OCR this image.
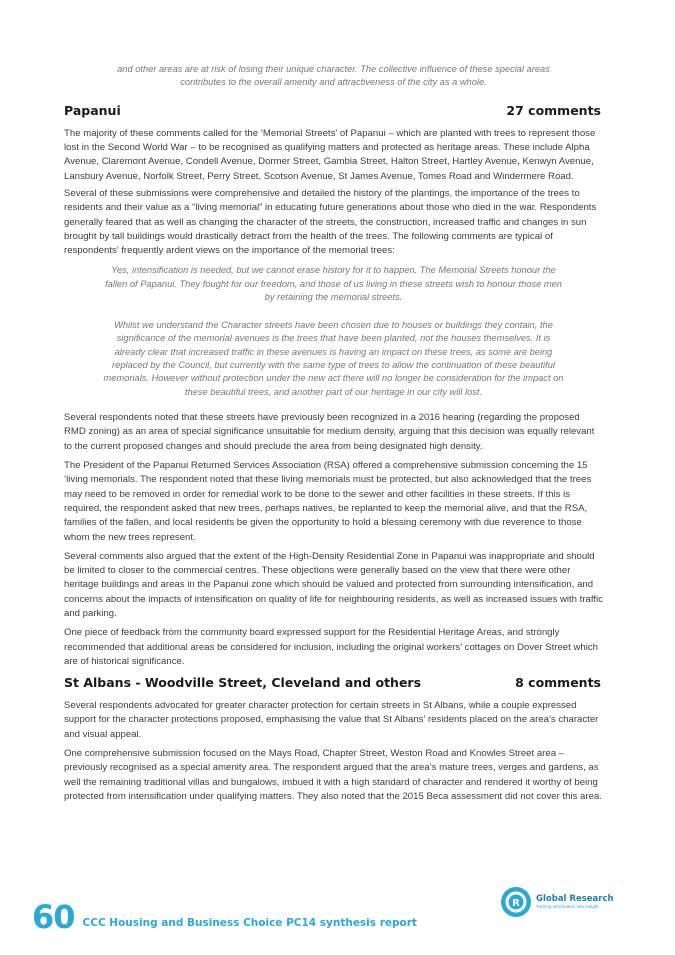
and other areas are at risk of losing their unique character. The collective influence of these special areas contributes to the overall amenity and attractiveness of the city as a whole.
Papanui	27 comments

The majority of these comments called for the ‘Memorial Streets’ of Papanui – which are planted with trees to represent those lost in the Second World War – to be recognised as qualifying matters and protected as heritage areas. These include Alpha Avenue, Claremont Avenue, Condell Avenue, Dormer Street, Gambia Street, Halton Street, Hartley Avenue, Kenwyn Avenue, Lansbury Avenue, Norfolk Street, Perry Street, Scotson Avenue, St James Avenue, Tomes Road and Windermere Road.

Several of these submissions were comprehensive and detailed the history of the plantings, the importance of the trees to residents and their value as a “living memorial” in educating future generations about those who died in the war. Respondents generally feared that as well as changing the character of the streets, the construction, increased traffic and changes in sun brought by tall buildings would drastically detract from the health of the trees. The following comments are typical of respondents’ frequently ardent views on the importance of the memorial trees:

Yes, intensification is needed, but we cannot erase history for it to happen. The Memorial Streets honour the fallen of Papanui. They fought for our freedom, and those of us living in these streets wish to honour those men by retaining the memorial streets.
Whilst we understand the Character streets have been chosen due to houses or buildings they contain, the significance of the memorial avenues is the trees that have been planted, not the houses themselves. It is already clear that increased traffic in these avenues is having an impact on these trees, as some are being replaced by the Council, but currently with the same type of trees to allow the continuation of these beautiful memorials. However without protection under the new act there will no longer be consideration for the impact on these beautiful trees, and another part of our heritage in our city will lost.

Several respondents noted that these streets have previously been recognized in a 2016 hearing (regarding the proposed RMD zoning) as an area of special significance unsuitable for medium density, arguing that this decision was equally relevant to the current proposed changes and should preclude the area from being designated high density.

The President of the Papanui Returned Services Association (RSA) offered a comprehensive submission concerning the 15 ‘living memorials. The respondent noted that these living memorials must be protected, but also acknowledged that the trees may need to be removed in order for remedial work to be done to the sewer and other facilities in these streets. If this is required, the respondent asked that new trees, perhaps natives, be replanted to keep the memorial alive, and that the RSA, families of the fallen, and local residents be given the opportunity to hold a blessing ceremony with due reverence to those whom the new trees represent.

Several comments also argued that the extent of the High-Density Residential Zone in Papanui was inappropriate and should be limited to closer to the commercial centres. These objections were generally based on the view that there were other heritage buildings and areas in the Papanui zone which should be valued and protected from surrounding intensification, and concerns about the impacts of intensification on quality of life for neighbouring residents, as well as increased issues with traffic and parking.

One piece of feedback from the community board expressed support for the Residential Heritage Areas, and strongly recommended that additional areas be considered for inclusion, including the original workers’ cottages on Dover Street which are of historical significance.

St Albans - Woodville Street, Cleveland and others	8 comments

Several respondents advocated for greater character protection for certain streets in St Albans, while a couple expressed support for the character protections proposed, emphasising the value that St Albans’ residents placed on the area’s character and visual appeal.

One comprehensive submission focused on the Mays Road, Chapter Street, Weston Road and Knowles Street area – previously recognised as a special amenity area. The respondent argued that the area’s mature trees, verges and gardens, as well the remaining traditional villas and bungalows, imbued it with a high standard of character and rendered it worthy of being protected from intensification under qualifying matters. They also noted that the 2015 Beca assessment did not cover this area.

R Global Research
Turning information into insight
60 CCC Housing and Business Choice PC14 synthesis report
